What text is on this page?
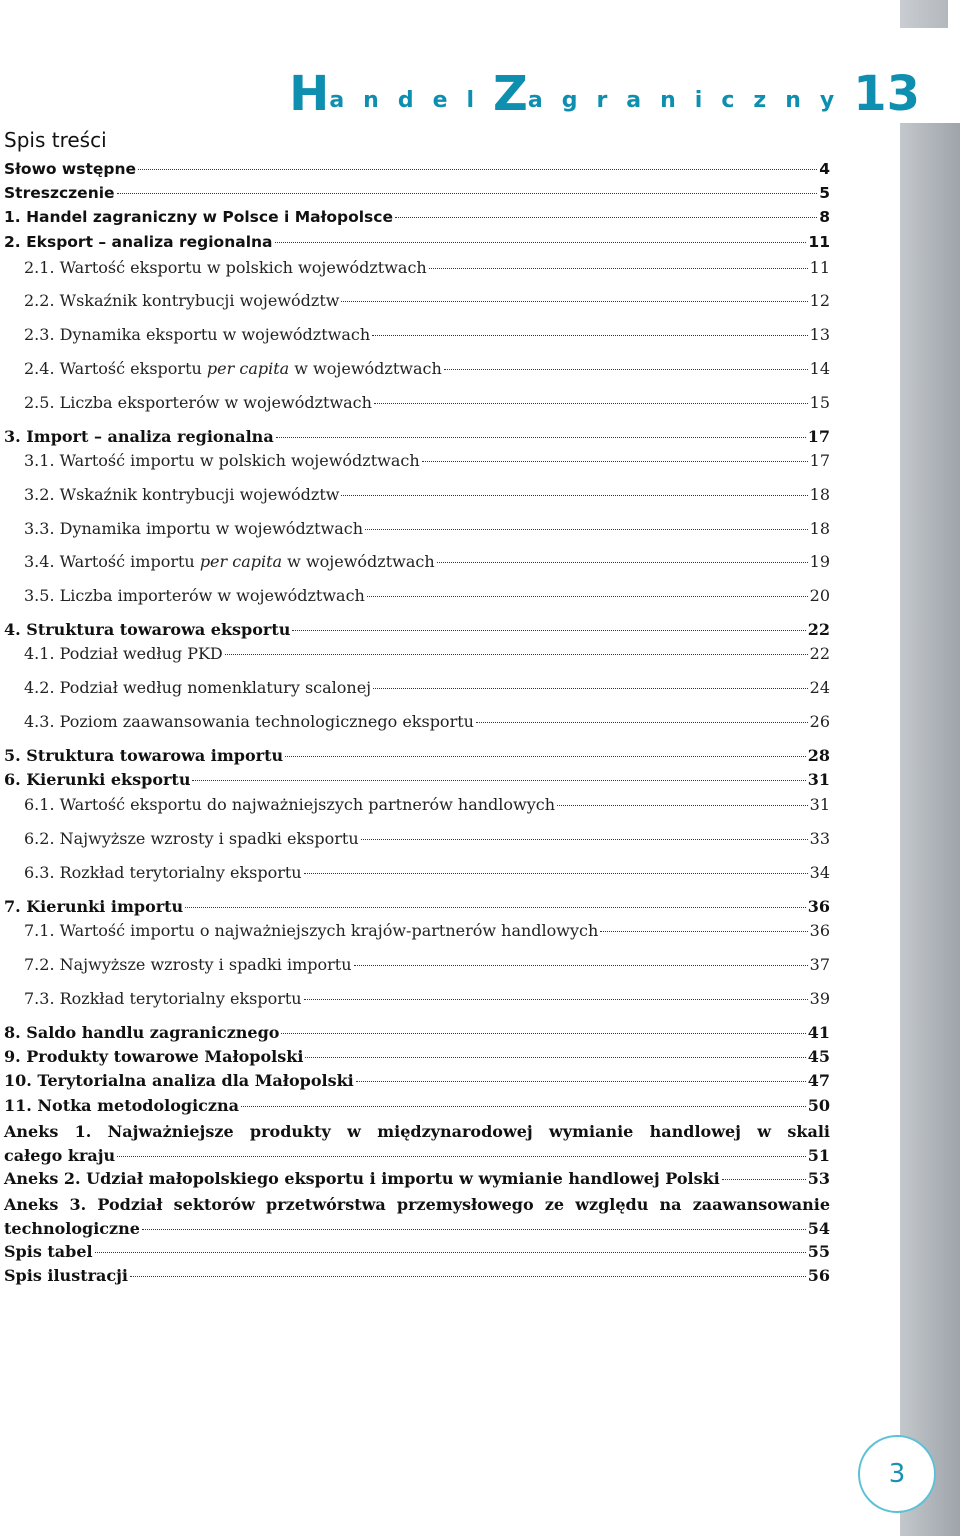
H andel Z agraniczny 13
Spis treści
Słowo wstępne	4
Streszczenie	5
1. Handel zagraniczny w Polsce i Małopolsce	8
2. Eksport – analiza regionalna	11
2.1. Wartość eksportu w polskich województwach	11
2.2. Wskaźnik kontrybucji województw	12
2.3. Dynamika eksportu w województwach	13
2.4. Wartość eksportu per capita w województwach	14
2.5. Liczba eksporterów w województwach	15
3. Import – analiza regionalna	17
3.1. Wartość importu w polskich województwach	17
3.2. Wskaźnik kontrybucji województw	18
3.3. Dynamika importu w województwach	18
3.4. Wartość importu per capita w województwach	19
3.5. Liczba importerów w województwach	20
4. Struktura towarowa eksportu	22
4.1. Podział według PKD	22
4.2. Podział według nomenklatury scalonej	24
4.3. Poziom zaawansowania technologicznego eksportu	26
5. Struktura towarowa importu	28
6. Kierunki eksportu	31
6.1. Wartość eksportu do najważniejszych partnerów handlowych	31
6.2. Najwyższe wzrosty i spadki eksportu	33
6.3. Rozkład terytorialny eksportu	34
7. Kierunki importu	36
7.1. Wartość importu o najważniejszych krajów-partnerów handlowych	36
7.2. Najwyższe wzrosty i spadki importu	37
7.3. Rozkład terytorialny eksportu	39
8. Saldo handlu zagranicznego	41
9. Produkty towarowe Małopolski	45
10. Terytorialna analiza dla Małopolski	47
11. Notka metodologiczna	50
Aneks 1. Najważniejsze produkty w międzynarodowej wymianie handlowej w skali
całego kraju	51
Aneks 2. Udział małopolskiego eksportu i importu w wymianie handlowej Polski	53
Aneks 3. Podział sektorów przetwórstwa przemysłowego ze względu na zaawansowanie
technologiczne	54
Spis tabel	55
Spis ilustracji	56
3
